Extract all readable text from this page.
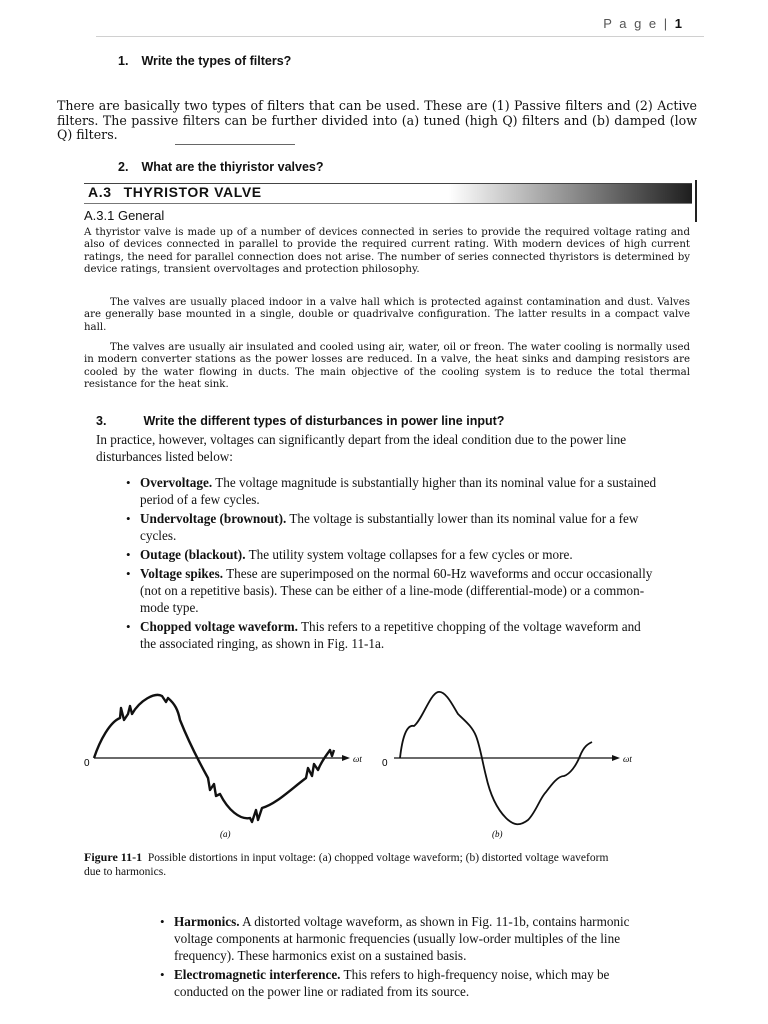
P a g e | 1
1. Write the types of filters?
There are basically two types of filters that can be used. These are (1) Passive filters and (2) Active filters. The passive filters can be further divided into (a) tuned (high Q) filters and (b) damped (low Q) filters.
2. What are the thiyristor valves?
A.3 THYRISTOR VALVE
A.3.1 General
A thyristor valve is made up of a number of devices connected in series to provide the required voltage rating and also of devices connected in parallel to provide the required current rating. With modern devices of high current ratings, the need for parallel connection does not arise. The number of series connected thyristors is determined by device ratings, transient overvoltages and protection philosophy.
The valves are usually placed indoor in a valve hall which is protected against contamination and dust. Valves are generally base mounted in a single, double or quadrivalve configuration. The latter results in a compact valve hall.
The valves are usually air insulated and cooled using air, water, oil or freon. The water cooling is normally used in modern converter stations as the power losses are reduced. In a valve, the heat sinks and damping resistors are cooled by the water flowing in ducts. The main objective of the cooling system is to reduce the total thermal resistance for the heat sink.
3.	Write the different types of disturbances in power line input?
In practice, however, voltages can significantly depart from the ideal condition due to the power line disturbances listed below:
• Overvoltage. The voltage magnitude is substantially higher than its nominal value for a sustained period of a few cycles.
• Undervoltage (brownout). The voltage is substantially lower than its nominal value for a few cycles.
• Outage (blackout). The utility system voltage collapses for a few cycles or more.
• Voltage spikes. These are superimposed on the normal 60-Hz waveforms and occur occasionally (not on a repetitive basis). These can be either of a line-mode (differential-mode) or a common-mode type.
• Chopped voltage waveform. This refers to a repetitive chopping of the voltage waveform and the associated ringing, as shown in Fig. 11-1a.
0	ωt
(a)
0	ωt
(b)
Figure 11-1 Possible distortions in input voltage: (a) chopped voltage waveform; (b) distorted voltage waveform due to harmonics.
• Harmonics. A distorted voltage waveform, as shown in Fig. 11-1b, contains harmonic voltage components at harmonic frequencies (usually low-order multiples of the line frequency). These harmonics exist on a sustained basis.
• Electromagnetic interference. This refers to high-frequency noise, which may be conducted on the power line or radiated from its source.
